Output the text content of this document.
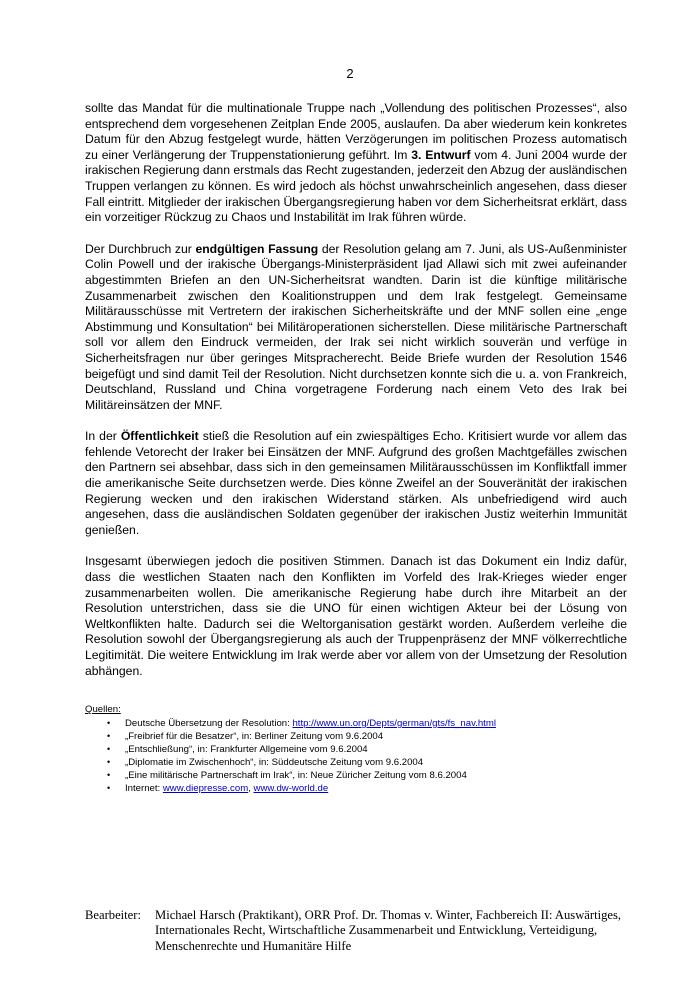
2

sollte das Mandat für die multinationale Truppe nach „Vollendung des politischen Prozesses“, also entsprechend dem vorgesehenen Zeitplan Ende 2005, auslaufen. Da aber wiederum kein konkretes Datum für den Abzug festgelegt wurde, hätten Verzögerungen im politischen Prozess automatisch zu einer Verlängerung der Truppenstationierung geführt. Im 3. Entwurf vom 4. Juni 2004 wurde der irakischen Regierung dann erstmals das Recht zugestanden, jederzeit den Abzug der ausländischen Truppen verlangen zu können. Es wird jedoch als höchst unwahrscheinlich angesehen, dass dieser Fall eintritt. Mitglieder der irakischen Übergangsregierung haben vor dem Sicherheitsrat erklärt, dass ein vorzeitiger Rückzug zu Chaos und Instabilität im Irak führen würde.

Der Durchbruch zur endgültigen Fassung der Resolution gelang am 7. Juni, als US-Außenminister Colin Powell und der irakische Übergangs-Ministerpräsident Ijad Allawi sich mit zwei aufeinander abgestimmten Briefen an den UN-Sicherheitsrat wandten. Darin ist die künftige militärische Zusammenarbeit zwischen den Koalitionstruppen und dem Irak festgelegt. Gemeinsame Militärausschüsse mit Vertretern der irakischen Sicherheitskräfte und der MNF sollen eine „enge Abstimmung und Konsultation“ bei Militäroperationen sicherstellen. Diese militärische Partnerschaft soll vor allem den Eindruck vermeiden, der Irak sei nicht wirklich souverän und verfüge in Sicherheitsfragen nur über geringes Mitspracherecht. Beide Briefe wurden der Resolution 1546 beigefügt und sind damit Teil der Resolution. Nicht durchsetzen konnte sich die u. a. von Frankreich, Deutschland, Russland und China vorgetragene Forderung nach einem Veto des Irak bei Militäreinsätzen der MNF.

In der Öffentlichkeit stieß die Resolution auf ein zwiespältiges Echo. Kritisiert wurde vor allem das fehlende Vetorecht der Iraker bei Einsätzen der MNF. Aufgrund des großen Machtgefälles zwischen den Partnern sei absehbar, dass sich in den gemeinsamen Militärausschüssen im Konfliktfall immer die amerikanische Seite durchsetzen werde. Dies könne Zweifel an der Souveränität der irakischen Regierung wecken und den irakischen Widerstand stärken. Als unbefriedigend wird auch angesehen, dass die ausländischen Soldaten gegenüber der irakischen Justiz weiterhin Immunität genießen.

Insgesamt überwiegen jedoch die positiven Stimmen. Danach ist das Dokument ein Indiz dafür, dass die westlichen Staaten nach den Konflikten im Vorfeld des Irak-Krieges wieder enger zusammenarbeiten wollen. Die amerikanische Regierung habe durch ihre Mitarbeit an der Resolution unterstrichen, dass sie die UNO für einen wichtigen Akteur bei der Lösung von Weltkonflikten halte. Dadurch sei die Weltorganisation gestärkt worden. Außerdem verleihe die Resolution sowohl der Übergangsregierung als auch der Truppenpräsenz der MNF völkerrechtliche Legitimität. Die weitere Entwicklung im Irak werde aber vor allem von der Umsetzung der Resolution abhängen.

Quellen:
• Deutsche Übersetzung der Resolution: http://www.un.org/Depts/german/gts/fs_nav.html
• „Freibrief für die Besatzer“, in: Berliner Zeitung vom 9.6.2004
• „Entschließung“, in: Frankfurter Allgemeine vom 9.6.2004
• „Diplomatie im Zwischenhoch“, in: Süddeutsche Zeitung vom 9.6.2004
• „Eine militärische Partnerschaft im Irak“, in: Neue Züricher Zeitung vom 8.6.2004
• Internet: www.diepresse.com, www.dw-world.de
Bearbeiter:	Michael Harsch (Praktikant), ORR Prof. Dr. Thomas v. Winter, Fachbereich II: Auswärtiges, Internationales Recht, Wirtschaftliche Zusammenarbeit und Entwicklung, Verteidigung, Menschenrechte und Humanitäre Hilfe
